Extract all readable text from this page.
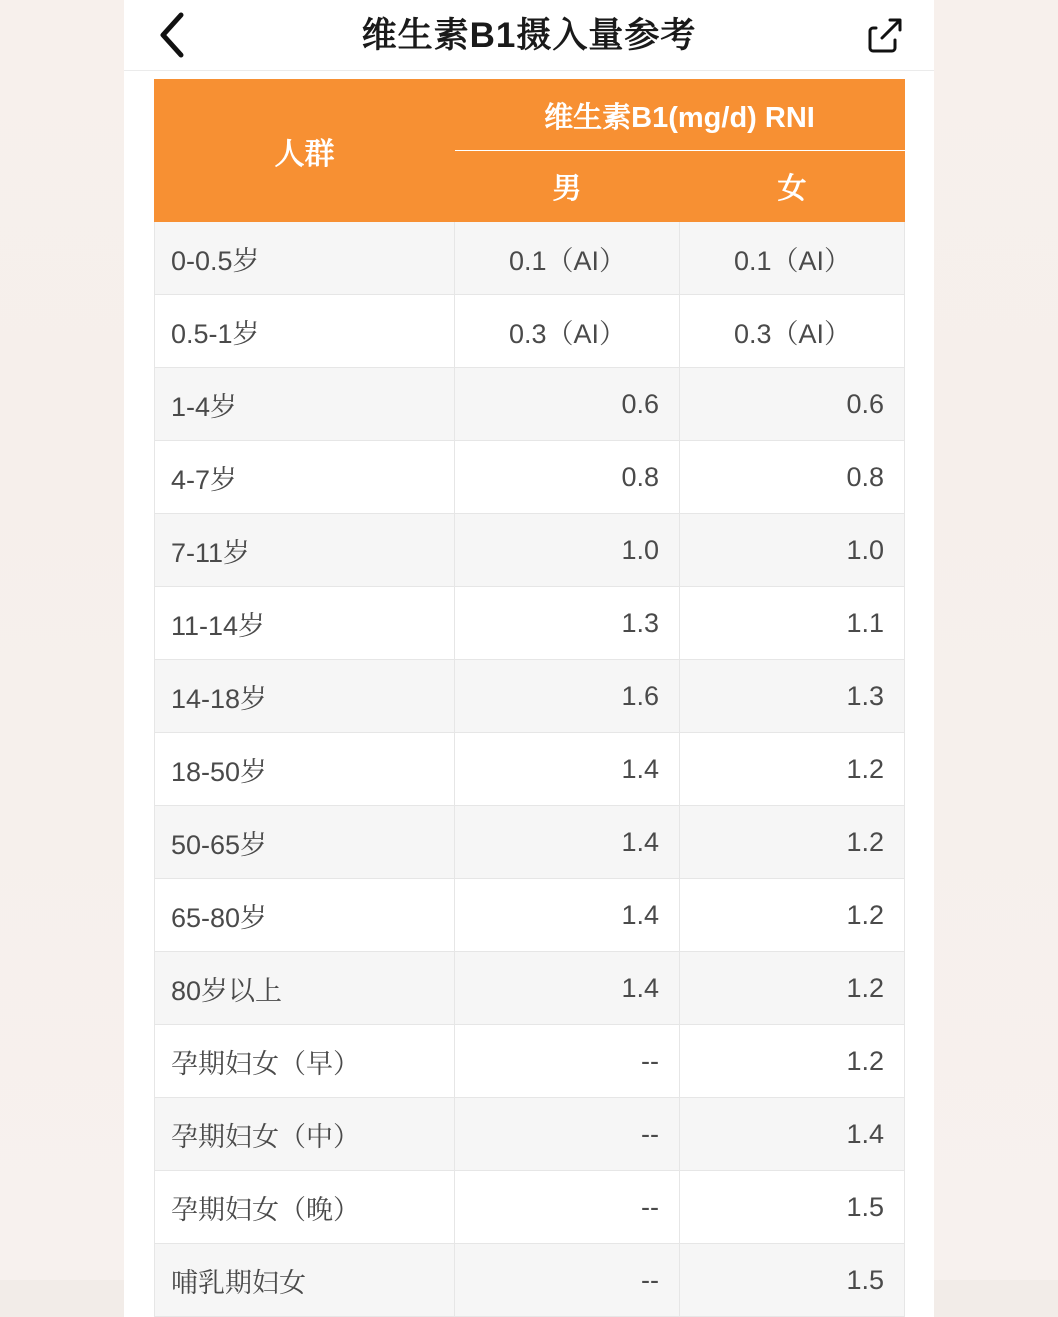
维生素B1摄入量参考
人群	维生素B1(mg/d) RNI	
	男	女
0-0.5岁	0.1（AI）	0.1（AI）
0.5-1岁	0.3（AI）	0.3（AI）
1-4岁	0.6	0.6
4-7岁	0.8	0.8
7-11岁	1.0	1.0
11-14岁	1.3	1.1
14-18岁	1.6	1.3
18-50岁	1.4	1.2
50-65岁	1.4	1.2
65-80岁	1.4	1.2
80岁以上	1.4	1.2
孕期妇女（早）	--	1.2
孕期妇女（中）	--	1.4
孕期妇女（晚）	--	1.5
哺乳期妇女	--	1.5
